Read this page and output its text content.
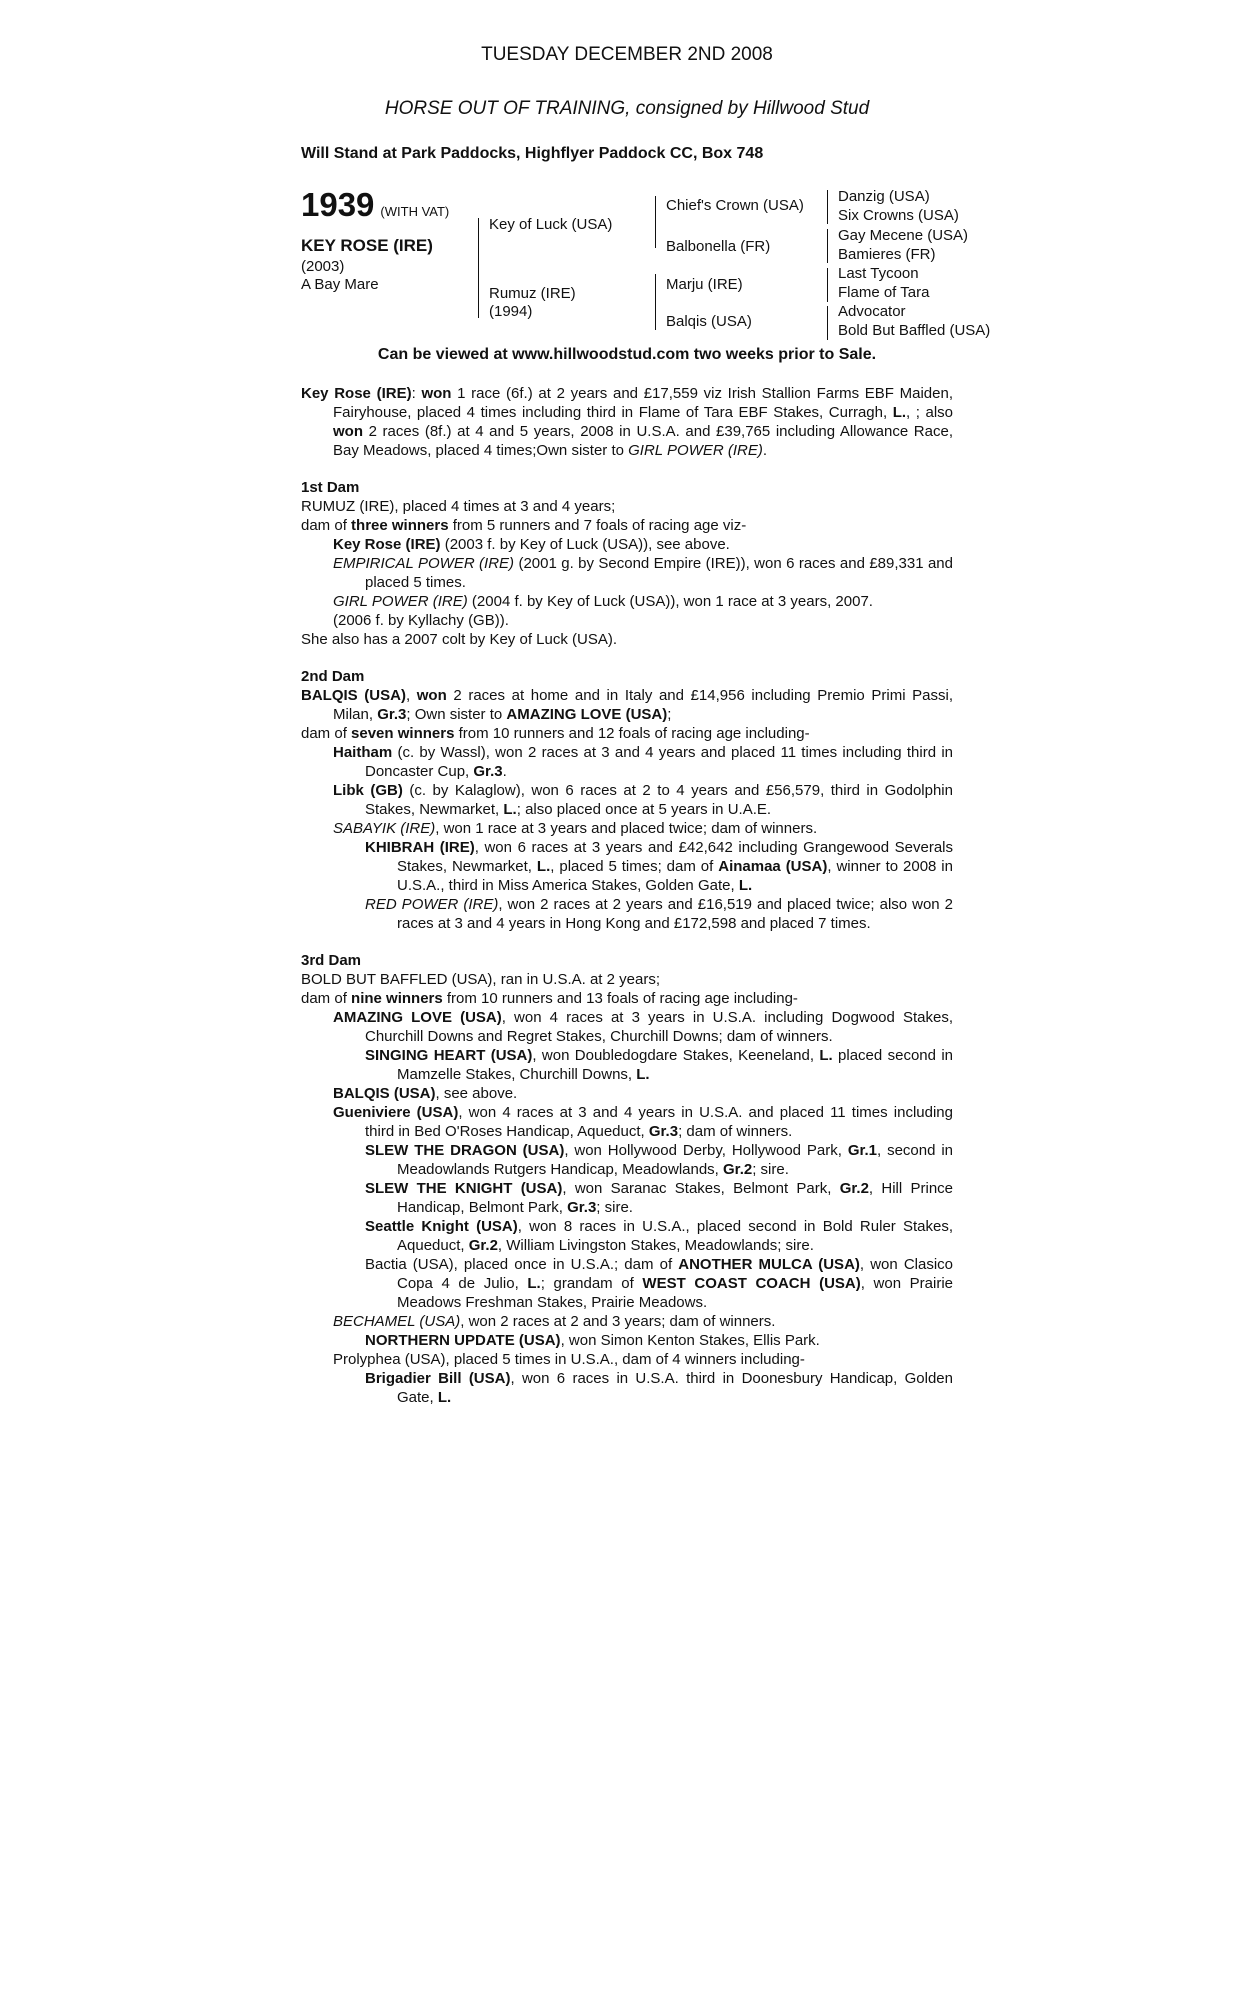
TUESDAY DECEMBER 2ND 2008
HORSE OUT OF TRAINING, consigned by Hillwood Stud
Will Stand at Park Paddocks, Highflyer Paddock CC, Box 748
1939 (WITH VAT)
KEY ROSE (IRE)
(2003)
A Bay Mare
Key of Luck (USA)
Rumuz (IRE)
(1994)
Chief's Crown (USA)
Balbonella (FR)
Marju (IRE)
Balqis (USA)
Danzig (USA)
Six Crowns (USA)
Gay Mecene (USA)
Bamieres (FR)
Last Tycoon
Flame of Tara
Advocator
Bold But Baffled (USA)
Can be viewed at www.hillwoodstud.com two weeks prior to Sale.
Key Rose (IRE): won 1 race (6f.) at 2 years and £17,559 viz Irish Stallion Farms EBF Maiden, Fairyhouse, placed 4 times including third in Flame of Tara EBF Stakes, Curragh, L., ; also won 2 races (8f.) at 4 and 5 years, 2008 in U.S.A. and £39,765 including Allowance Race, Bay Meadows, placed 4 times;Own sister to GIRL POWER (IRE).
1st Dam
RUMUZ (IRE), placed 4 times at 3 and 4 years;
dam of three winners from 5 runners and 7 foals of racing age viz-
Key Rose (IRE) (2003 f. by Key of Luck (USA)), see above.
EMPIRICAL POWER (IRE) (2001 g. by Second Empire (IRE)), won 6 races and £89,331 and placed 5 times.
GIRL POWER (IRE) (2004 f. by Key of Luck (USA)), won 1 race at 3 years, 2007.
(2006 f. by Kyllachy (GB)).
She also has a 2007 colt by Key of Luck (USA).
2nd Dam
BALQIS (USA), won 2 races at home and in Italy and £14,956 including Premio Primi Passi, Milan, Gr.3; Own sister to AMAZING LOVE (USA);
dam of seven winners from 10 runners and 12 foals of racing age including-
Haitham (c. by Wassl), won 2 races at 3 and 4 years and placed 11 times including third in Doncaster Cup, Gr.3.
Libk (GB) (c. by Kalaglow), won 6 races at 2 to 4 years and £56,579, third in Godolphin Stakes, Newmarket, L.; also placed once at 5 years in U.A.E.
SABAYIK (IRE), won 1 race at 3 years and placed twice; dam of winners.
KHIBRAH (IRE), won 6 races at 3 years and £42,642 including Grangewood Severals Stakes, Newmarket, L., placed 5 times; dam of Ainamaa (USA), winner to 2008 in U.S.A., third in Miss America Stakes, Golden Gate, L.
RED POWER (IRE), won 2 races at 2 years and £16,519 and placed twice; also won 2 races at 3 and 4 years in Hong Kong and £172,598 and placed 7 times.
3rd Dam
BOLD BUT BAFFLED (USA), ran in U.S.A. at 2 years;
dam of nine winners from 10 runners and 13 foals of racing age including-
AMAZING LOVE (USA), won 4 races at 3 years in U.S.A. including Dogwood Stakes, Churchill Downs and Regret Stakes, Churchill Downs; dam of winners.
SINGING HEART (USA), won Doubledogdare Stakes, Keeneland, L. placed second in Mamzelle Stakes, Churchill Downs, L.
BALQIS (USA), see above.
Gueniviere (USA), won 4 races at 3 and 4 years in U.S.A. and placed 11 times including third in Bed O'Roses Handicap, Aqueduct, Gr.3; dam of winners.
SLEW THE DRAGON (USA), won Hollywood Derby, Hollywood Park, Gr.1, second in Meadowlands Rutgers Handicap, Meadowlands, Gr.2; sire.
SLEW THE KNIGHT (USA), won Saranac Stakes, Belmont Park, Gr.2, Hill Prince Handicap, Belmont Park, Gr.3; sire.
Seattle Knight (USA), won 8 races in U.S.A., placed second in Bold Ruler Stakes, Aqueduct, Gr.2, William Livingston Stakes, Meadowlands; sire.
Bactia (USA), placed once in U.S.A.; dam of ANOTHER MULCA (USA), won Clasico Copa 4 de Julio, L.; grandam of WEST COAST COACH (USA), won Prairie Meadows Freshman Stakes, Prairie Meadows.
BECHAMEL (USA), won 2 races at 2 and 3 years; dam of winners.
NORTHERN UPDATE (USA), won Simon Kenton Stakes, Ellis Park.
Prolyphea (USA), placed 5 times in U.S.A., dam of 4 winners including-
Brigadier Bill (USA), won 6 races in U.S.A. third in Doonesbury Handicap, Golden Gate, L.
